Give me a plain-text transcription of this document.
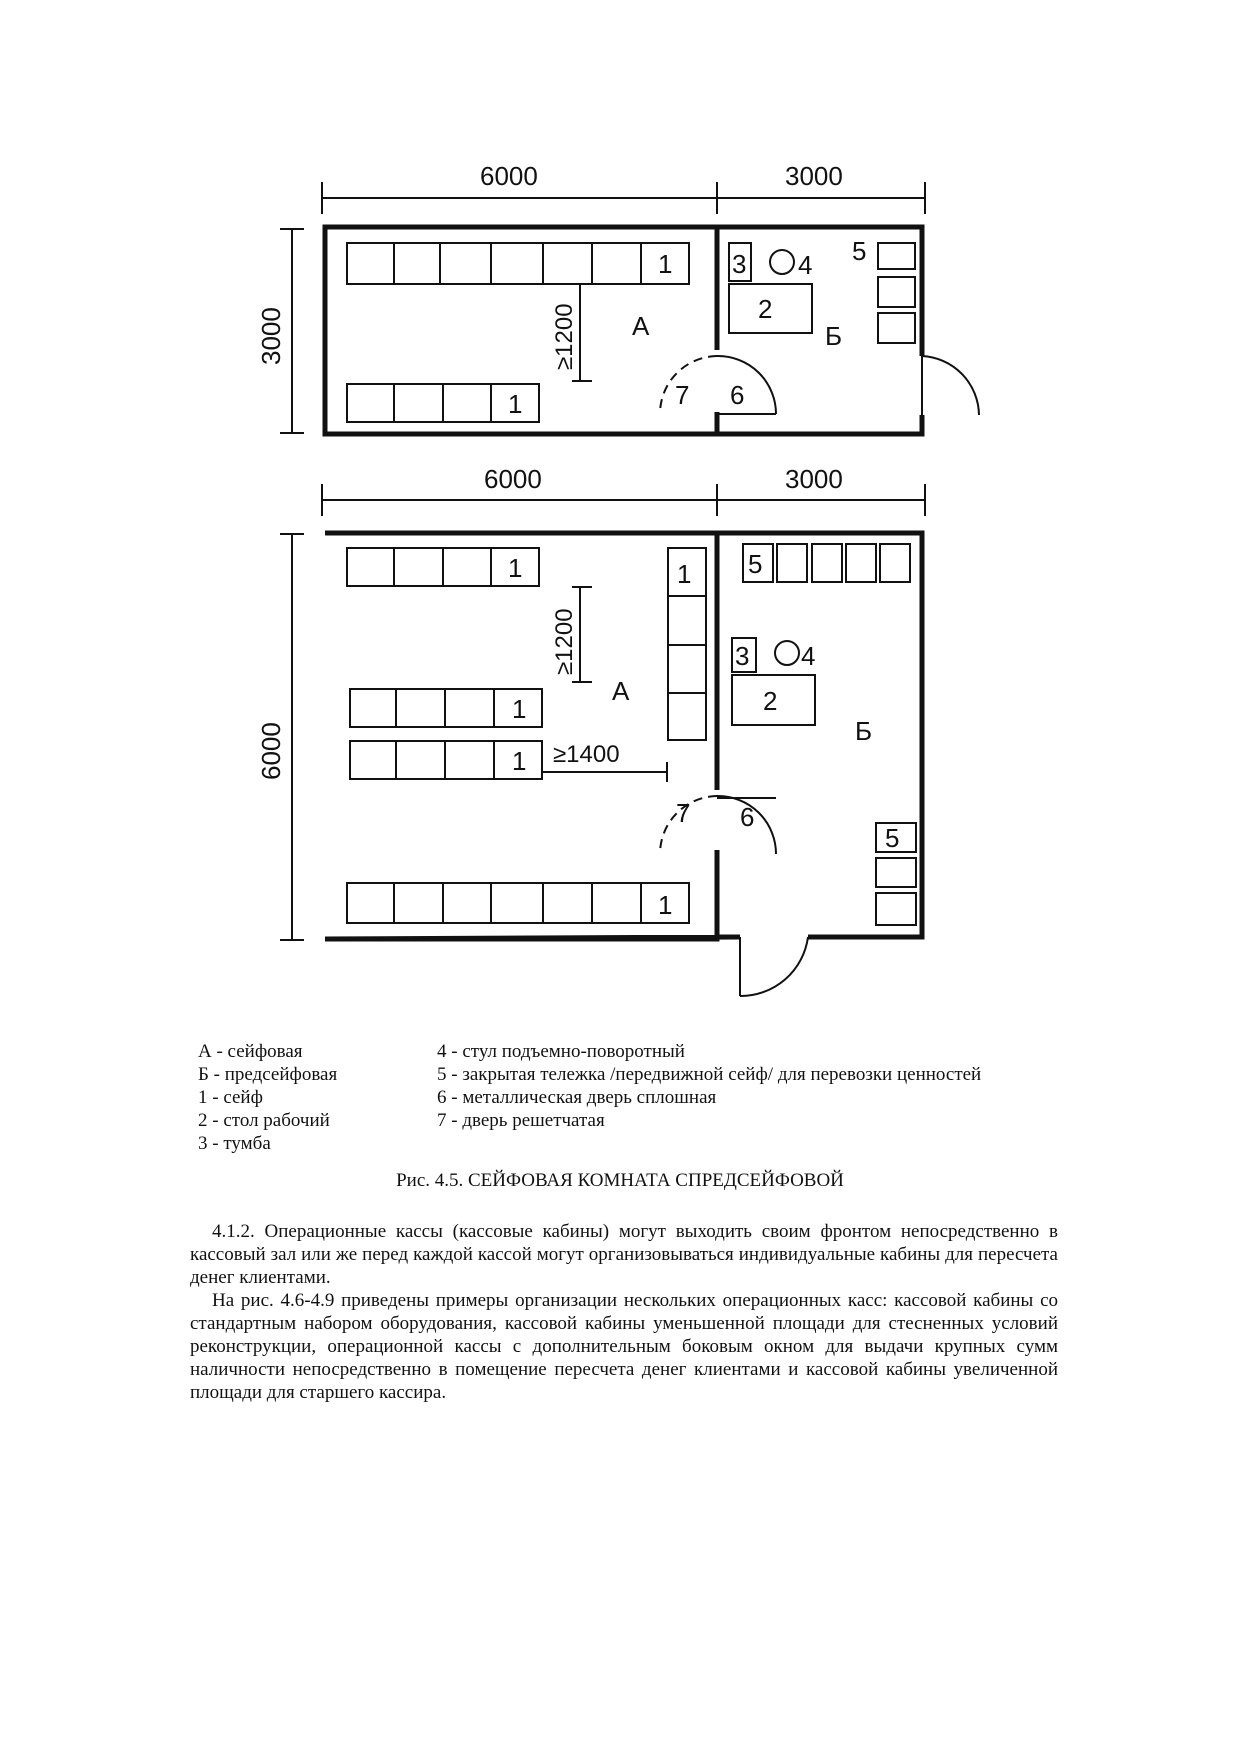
6000	3000
3000	≥1200 А	Б
1
1
3 4
2
5
7 6
6000	3000
6000
≥1200
≥1400
А
Б
1	1
1
1
1
5
5
3 4
2
7 6
А - сейфовая
Б - предсейфовая
1 - сейф
2 - стол рабочий
3 - тумба
4 - стул подъемно-поворотный
5 - закрытая тележка /передвижной сейф/ для перевозки ценностей
6 - металлическая дверь сплошная
7 - дверь решетчатая
Рис. 4.5. СЕЙФОВАЯ КОМНАТА СПРЕДСЕЙФОВОЙ

4.1.2. Операционные кассы (кассовые кабины) могут выходить своим фронтом непосредственно в кассовый зал или же перед каждой кассой могут организовываться индивидуальные кабины для пересчета денег клиентами.

На рис. 4.6-4.9 приведены примеры организации нескольких операционных касс: кассовой кабины со стандартным набором оборудования, кассовой кабины уменьшенной площади для стесненных условий реконструкции, операционной кассы с дополнительным боковым окном для выдачи крупных сумм наличности непосредственно в помещение пересчета денег клиентами и кассовой кабины увеличенной площади для старшего кассира.
